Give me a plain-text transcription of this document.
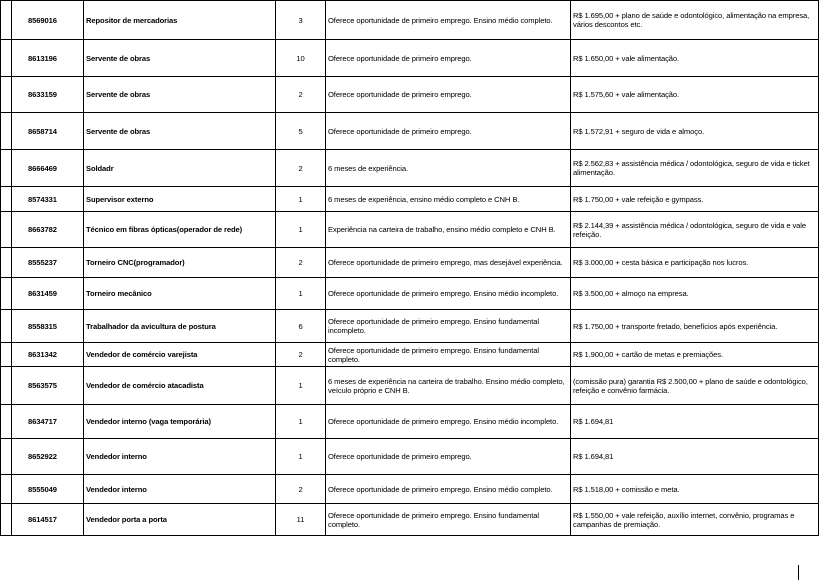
	8569016	Repositor de mercadorias	3	Oferece oportunidade de primeiro emprego. Ensino médio completo.	R$ 1.695,00 + plano de saúde e odontológico, alimentação na empresa, vários descontos etc.
	8613196	Servente de obras	10	Oferece oportunidade de primeiro emprego.	R$ 1.650,00 + vale alimentação.
	8633159	Servente de obras	2	Oferece oportunidade de primeiro emprego.	R$ 1.575,60 + vale alimentação.
	8658714	Servente de obras	5	Oferece oportunidade de primeiro emprego.	R$ 1.572,91 + seguro de vida e almoço.
	8666469	Soldadr	2	6 meses de experiência.	R$ 2.562,83 + assistência médica / odontológica, seguro de vida e ticket alimentação.
	8574331	Supervisor externo	1	6 meses de experiência, ensino médio completo e CNH B.	R$ 1.750,00 + vale refeição e gympass.
	8663782	Técnico em fibras ópticas(operador de rede)	1	Experiência na carteira de trabalho, ensino médio completo e CNH B.	R$ 2.144,39 + assistência médica / odontológica, seguro de vida e vale refeição.
	8555237	Torneiro CNC(programador)	2	Oferece oportunidade de primeiro emprego, mas desejável experiência.	R$ 3.000,00 + cesta básica e participação nos lucros.
	8631459	Torneiro mecânico	1	Oferece oportunidade de primeiro emprego. Ensino médio incompleto.	R$ 3.500,00 + almoço na empresa.
	8558315	Trabalhador da avicultura de postura	6	Oferece oportunidade de primeiro emprego. Ensino fundamental incompleto.	R$ 1.750,00 + transporte fretado, benefícios após experiência.
	8631342	Vendedor de comércio varejista	2	Oferece oportunidade de primeiro emprego. Ensino fundamental completo.	R$ 1.900,00 + cartão de metas e premiações.
	8563575	Vendedor de comércio atacadista	1	6 meses de experiência na carteira de trabalho. Ensino médio completo, veículo próprio e CNH B.	(comissão pura) garantia R$ 2.500,00 + plano de saúde e odontológico, refeição e convênio farmácia.
	8634717	Vendedor interno (vaga temporária)	1	Oferece oportunidade de primeiro emprego. Ensino médio incompleto.	R$ 1.694,81
	8652922	Vendedor interno	1	Oferece oportunidade de primeiro emprego.	R$ 1.694,81
	8555049	Vendedor interno	2	Oferece oportunidade de primeiro emprego. Ensino médio completo.	R$ 1.518,00 + comissão e meta.
	8614517	Vendedor porta a porta	11	Oferece oportunidade de primeiro emprego. Ensino fundamental completo.	R$ 1.550,00 + vale refeição, auxílio internet, convênio, programas e campanhas de premiação.
